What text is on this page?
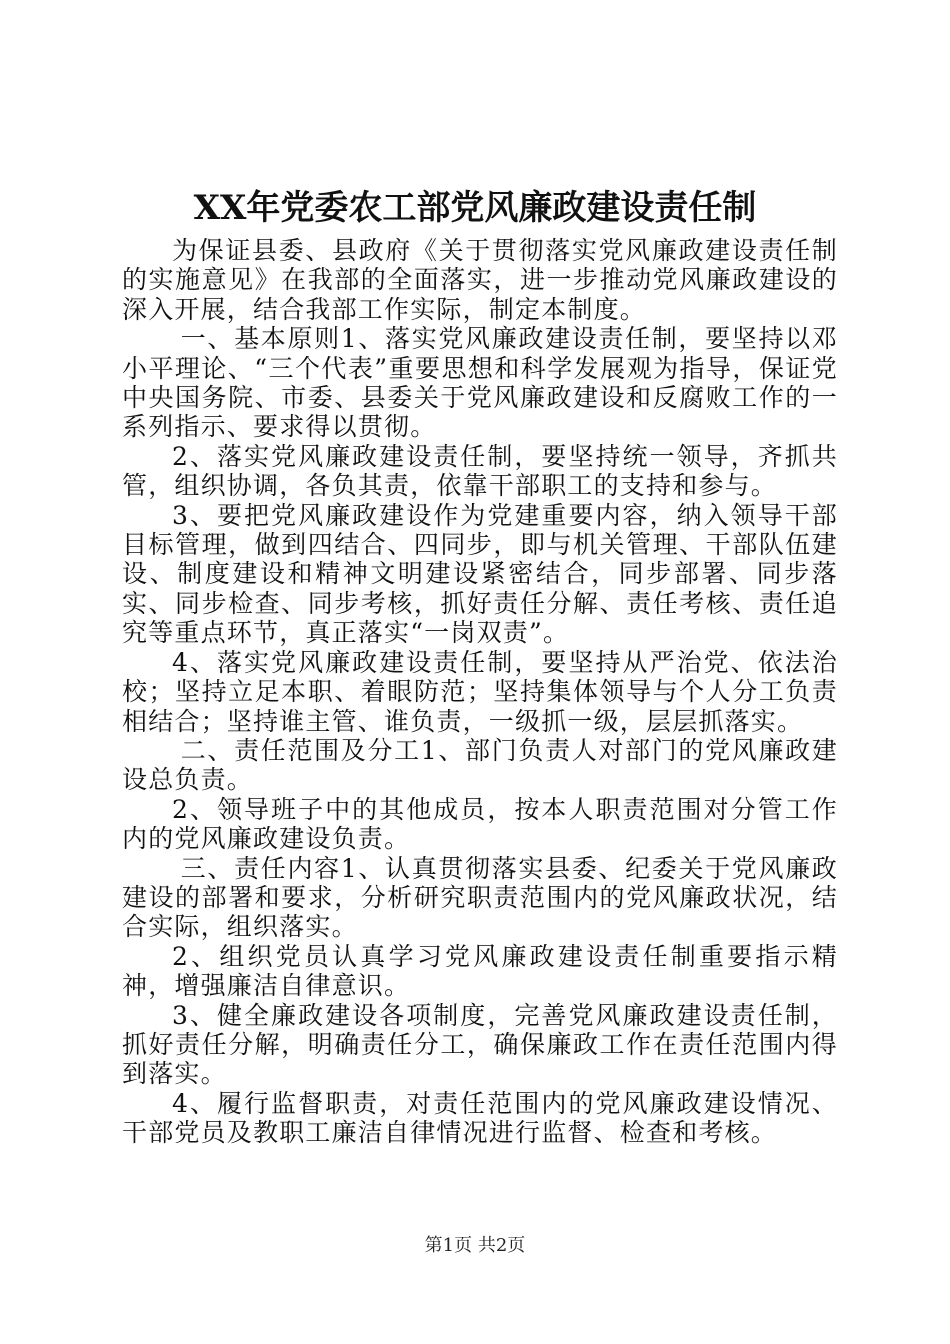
XX年党委农工部党风廉政建设责任制

为保证县委、县政府《关于贯彻落实党风廉政建设责任制的实施意见》在我部的全面落实，进一步推动党风廉政建设的深入开展，结合我部工作实际，制定本制度。

一、基本原则1、落实党风廉政建设责任制，要坚持以邓小平理论、“三个代表”重要思想和科学发展观为指导，保证党中央国务院、市委、县委关于党风廉政建设和反腐败工作的一系列指示、要求得以贯彻。

2、落实党风廉政建设责任制，要坚持统一领导，齐抓共管，组织协调，各负其责，依靠干部职工的支持和参与。

3、要把党风廉政建设作为党建重要内容，纳入领导干部目标管理，做到四结合、四同步，即与机关管理、干部队伍建设、制度建设和精神文明建设紧密结合，同步部署、同步落实、同步检查、同步考核，抓好责任分解、责任考核、责任追究等重点环节，真正落实“一岗双责”。

4、落实党风廉政建设责任制，要坚持从严治党、依法治校；坚持立足本职、着眼防范；坚持集体领导与个人分工负责相结合；坚持谁主管、谁负责，一级抓一级，层层抓落实。

二、责任范围及分工1、部门负责人对部门的党风廉政建设总负责。

2、领导班子中的其他成员，按本人职责范围对分管工作内的党风廉政建设负责。

三、责任内容1、认真贯彻落实县委、纪委关于党风廉政建设的部署和要求，分析研究职责范围内的党风廉政状况，结合实际，组织落实。

2、组织党员认真学习党风廉政建设责任制重要指示精神，增强廉洁自律意识。

3、健全廉政建设各项制度，完善党风廉政建设责任制，抓好责任分解，明确责任分工，确保廉政工作在责任范围内得到落实。

4、履行监督职责，对责任范围内的党风廉政建设情况、干部党员及教职工廉洁自律情况进行监督、检查和考核。

第1页 共2页
